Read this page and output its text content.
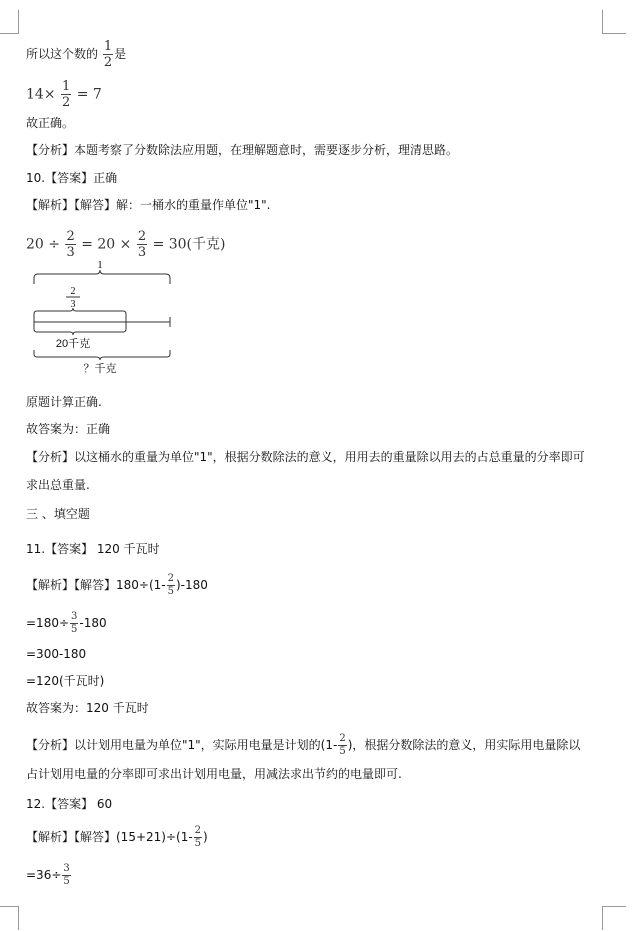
所以这个数的 $\frac{1}{2}$ 是
$14\times \frac{1}{2} = 7$
故正确。
【分析】本题考察了分数除法应用题，在理解题意时，需要逐步分析，理清思路。
10.【答案】正确
【解析】【解答】解：一桶水的重量作单位"1".
$20 \div \frac{2}{3} = 20 \times \frac{2}{3} = 30$(千克)
1
2
3
20千克
？千克
原题计算正确.
故答案为：正确
【分析】以这桶水的重量为单位"1"，根据分数除法的意义，用用去的重量除以用去的占总重量的分率即可
求出总重量.
三 、填空题
11.【答案】 120 千瓦时
【解析】【解答】$180\div(1- \frac{2}{5} )-180$
$=180\div \frac{3}{5} -180$
=300-180
=120(千瓦时)
故答案为：120 千瓦时
【分析】以计划用电量为单位"1"，实际用电量是计划的($1- \frac{2}{5}$ )，根据分数除法的意义，用实际用电量除以
占计划用电量的分率即可求出计划用电量，用减法求出节约的电量即可.
12.【答案】 60
【解析】【解答】$(15+21)\div(1- \frac{2}{5}$ )
$=36\div \frac{3}{5}$
